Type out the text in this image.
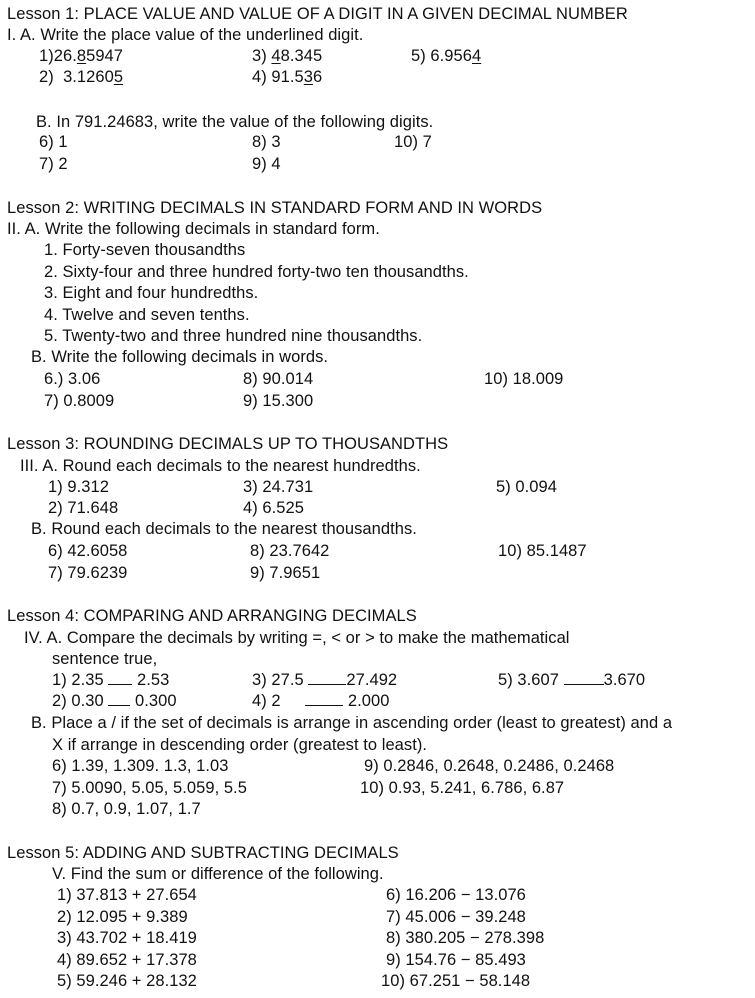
Lesson 1: PLACE VALUE AND VALUE OF A DIGIT IN A GIVEN DECIMAL NUMBER
I. A. Write the place value of the underlined digit.
1)26.85947
2) 3.12605
3) 48.345
4) 91.536
5) 6.9564
B. In 791.24683, write the value of the following digits.
6) 1
7) 2
8) 3
9) 4
10) 7
Lesson 2: WRITING DECIMALS IN STANDARD FORM AND IN WORDS
II. A. Write the following decimals in standard form.
1. Forty-seven thousandths
2. Sixty-four and three hundred forty-two ten thousandths.
3. Eight and four hundredths.
4. Twelve and seven tenths.
5. Twenty-two and three hundred nine thousandths.
B. Write the following decimals in words.
6.) 3.06
7) 0.8009
8) 90.014
9) 15.300
10) 18.009
Lesson 3: ROUNDING DECIMALS UP TO THOUSANDTHS
III. A. Round each decimals to the nearest hundredths.
1) 9.312
2) 71.648
3) 24.731
4) 6.525
5) 0.094
B. Round each decimals to the nearest thousandths.
6) 42.6058
7) 79.6239
8) 23.7642
9) 7.9651
10) 85.1487
Lesson 4: COMPARING AND ARRANGING DECIMALS
IV. A. Compare the decimals by writing =, < or > to make the mathematical
sentence true,
1) 2.35 2.53
2) 0.30 0.300
3) 27.5	27.492
4) 2	2.000
5) 3.607	3.670
B. Place a / if the set of decimals is arrange in ascending order (least to greatest) and a
X if arrange in descending order (greatest to least).
6) 1.39, 1.309. 1.3, 1.03
7) 5.0090, 5.05, 5.059, 5.5
8) 0.7, 0.9, 1.07, 1.7
9) 0.2846, 0.2648, 0.2486, 0.2468
10) 0.93, 5.241, 6.786, 6.87
Lesson 5: ADDING AND SUBTRACTING DECIMALS
V. Find the sum or difference of the following.
1) 37.813 + 27.654
2) 12.095 + 9.389
3) 43.702 + 18.419
4) 89.652 + 17.378
5) 59.246 + 28.132
6) 16.206 − 13.076
7) 45.006 − 39.248
8) 380.205 − 278.398
9) 154.76 − 85.493
10) 67.251 − 58.148
